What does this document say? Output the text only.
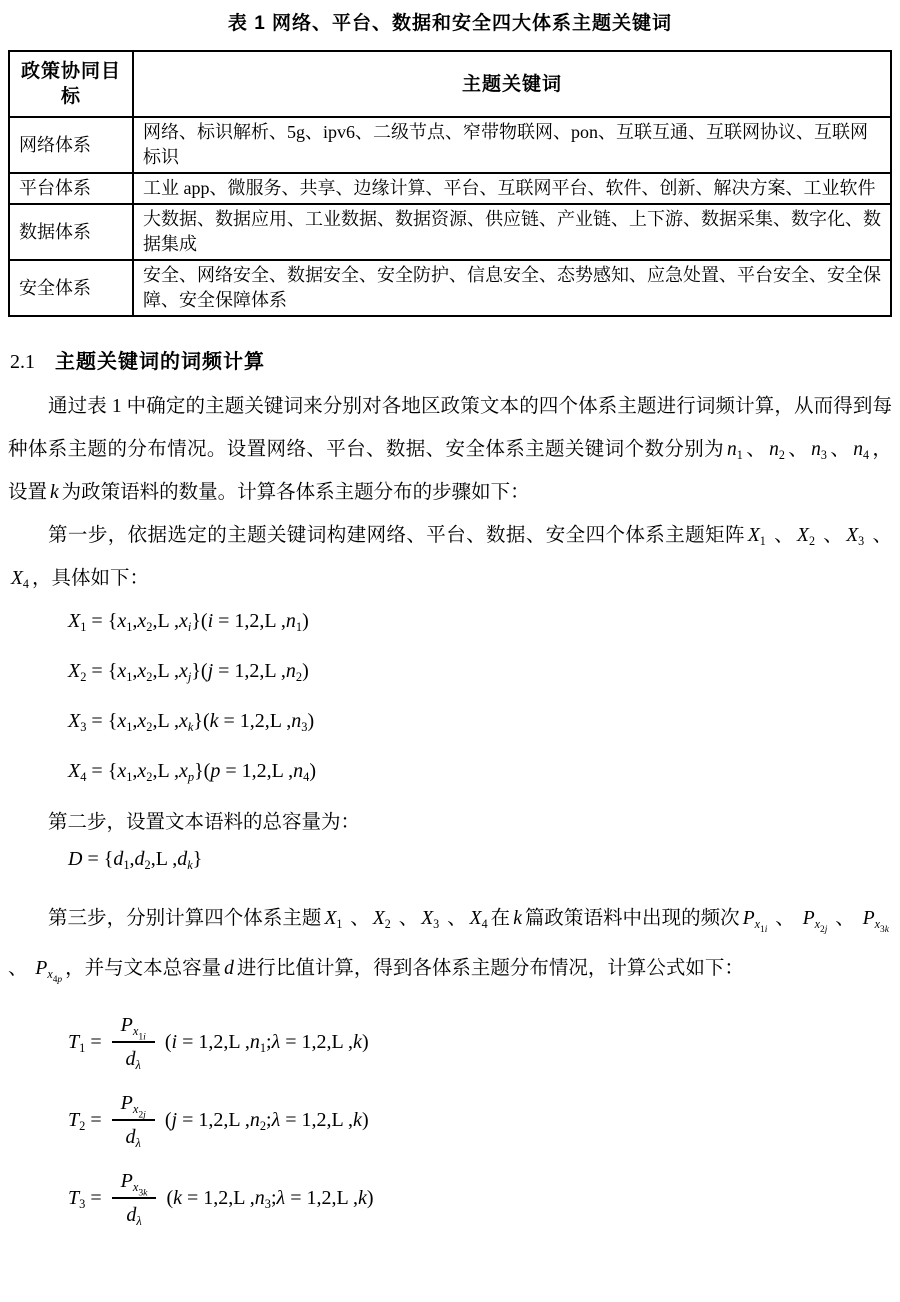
表 1 网络、平台、数据和安全四大体系主题关键词
政策协同目标	主题关键词
网络体系	网络、标识解析、5g、ipv6、二级节点、窄带物联网、pon、互联互通、互联网协议、互联网标识
平台体系	工业 app、微服务、共享、边缘计算、平台、互联网平台、软件、创新、解决方案、工业软件
数据体系	大数据、数据应用、工业数据、数据资源、供应链、产业链、上下游、数据采集、数字化、数据集成
安全体系	安全、网络安全、数据安全、安全防护、信息安全、态势感知、应急处置、平台安全、安全保障、安全保障体系
2.1 主题关键词的词频计算

通过表 1 中确定的主题关键词来分别对各地区政策文本的四个体系主题进行词频计算，从而得到每种体系主题的分布情况。设置网络、平台、数据、安全体系主题关键词个数分别为 $n_1$ 、 $n_2$ 、 $n_3$ 、 $n_4$ ，设置 k 为政策语料的数量。计算各体系主题分布的步骤如下：

第一步，依据选定的主题关键词构建网络、平台、数据、安全四个体系主题矩阵 $X_1$ 、 $X_2$ 、 $X_3$ 、$X_4$ ，具体如下：

$X_1 = \{x_1,x_2,L$ $,x_i\}(i = 1,2,L$ $,n_1$)
$X_2 = \{x_1,x_2,L$ $,x_j\}(j = 1,2,L$ $,n_2$)
$X_3 = \{x_1,x_2,L$ $,x_k\}(k = 1,2,L$ $,n_3$)
$X_4 = \{x_1,x_2,L$ $,x_p\}(p = 1,2,L$ $,n_4$)

第二步，设置文本语料的总容量为：

$D = \{d_1,d_2,L$ $,d_k$}

第三步，分别计算四个体系主题 $X_1$ 、 $X_2$ 、 $X_3$ 、 $X_4$ 在 k 篇政策语料中出现的频次 $P_{x_{1i}}$ 、 $P_{x_{2j}}$ 、 $P_{x_{3k}}$ 、 $P_{x_{4p}}$，并与文本总容量 d 进行比值计算，得到各体系主题分布情况，计算公式如下：

$T_1 = \frac{P_{x_{1i}}}{d_\lambda} (i = 1,2,L$ $,n_1;\lambda = 1,2,L$ ,k)
$T_2 = \frac{P_{x_{2j}}}{d_\lambda} (j = 1,2,L$ $,n_2;\lambda = 1,2,L$ ,k)
$T_3 = \frac{P_{x_{3k}}}{d_\lambda} (k = 1,2,L$ $,n_3;\lambda = 1,2,L$ ,k)
